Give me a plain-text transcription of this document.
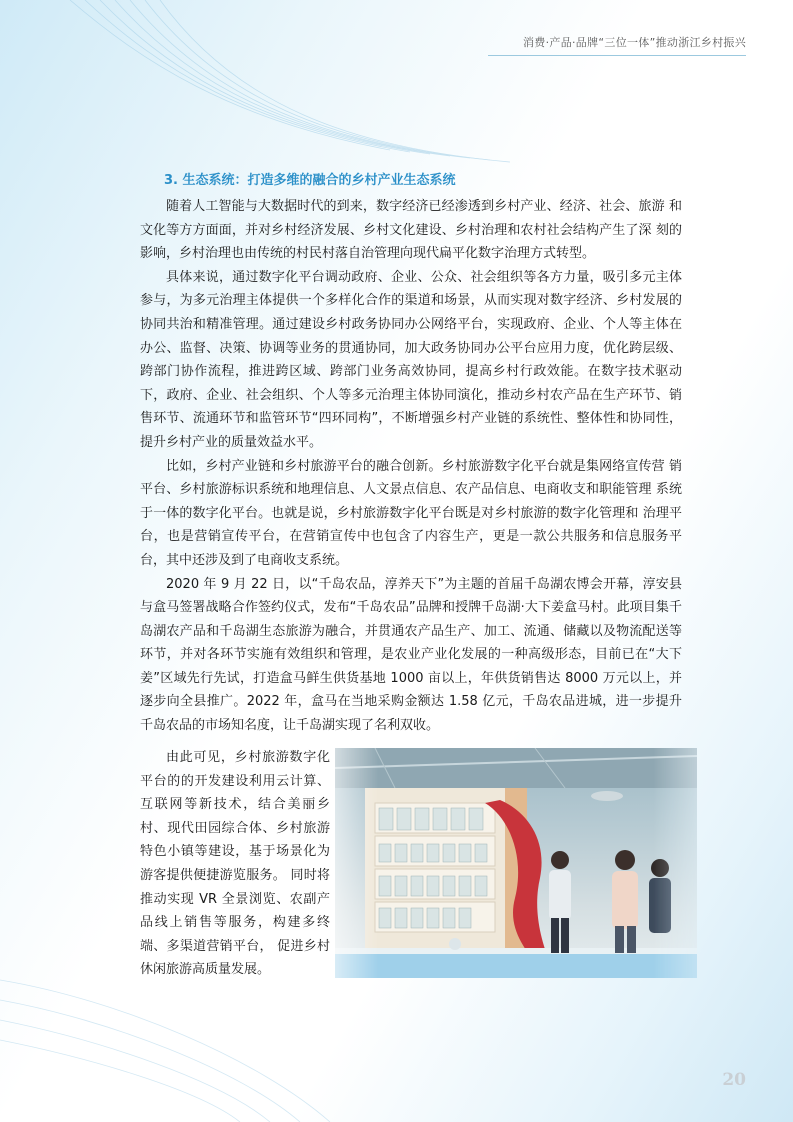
消费·产品·品牌“三位一体”推动浙江乡村振兴
3. 生态系统：打造多维的融合的乡村产业生态系统

随着人工智能与大数据时代的到来，数字经济已经渗透到乡村产业、经济、社会、旅游 和文化等方方面面，并对乡村经济发展、乡村文化建设、乡村治理和农村社会结构产生了深 刻的影响，乡村治理也由传统的村民村落自治管理向现代扁平化数字治理方式转型。

具体来说，通过数字化平台调动政府、企业、公众、社会组织等各方力量，吸引多元主体参与，为多元治理主体提供一个多样化合作的渠道和场景，从而实现对数字经济、乡村发展的协同共治和精准管理。通过建设乡村政务协同办公网络平台，实现政府、企业、个人等主体在办公、监督、决策、协调等业务的贯通协同，加大政务协同办公平台应用力度，优化跨层级、跨部门协作流程，推进跨区域、跨部门业务高效协同，提高乡村行政效能。在数字技术驱动下，政府、企业、社会组织、个人等多元治理主体协同演化，推动乡村农产品在生产环节、销售环节、流通环节和监管环节“四环同构”，不断增强乡村产业链的系统性、整体性和协同性，提升乡村产业的质量效益水平。

比如，乡村产业链和乡村旅游平台的融合创新。乡村旅游数字化平台就是集网络宣传营 销平台、乡村旅游标识系统和地理信息、人文景点信息、农产品信息、电商收支和职能管理 系统于一体的数字化平台。也就是说，乡村旅游数字化平台既是对乡村旅游的数字化管理和 治理平台，也是营销宣传平台，在营销宣传中也包含了内容生产，更是一款公共服务和信息服务平台，其中还涉及到了电商收支系统。

2020 年 9 月 22 日，以“千岛农品，淳养天下”为主题的首届千岛湖农博会开幕，淳安县与盒马签署战略合作签约仪式，发布“千岛农品”品牌和授牌千岛湖·大下姜盒马村。此项目集千岛湖农产品和千岛湖生态旅游为融合，并贯通农产品生产、加工、流通、储藏以及物流配送等环节，并对各环节实施有效组织和管理，是农业产业化发展的一种高级形态，目前已在“大下姜”区域先行先试，打造盒马鲜生供货基地 1000 亩以上，年供货销售达 8000 万元以上，并逐步向全县推广。2022 年，盒马在当地采购金额达 1.58 亿元，千岛农品进城，进一步提升千岛农品的市场知名度，让千岛湖实现了名利双收。

由此可见，乡村旅游数字化平台的的开发建设利用云计算、互联网等新技术，结合美丽乡村、现代田园综合体、乡村旅游特色小镇等建设，基于场景化为游客提供便捷游览服务。 同时将推动实现 VR 全景浏览、农副产品线上销售等服务，构建多终端、多渠道营销平台， 促进乡村休闲旅游高质量发展。

20
